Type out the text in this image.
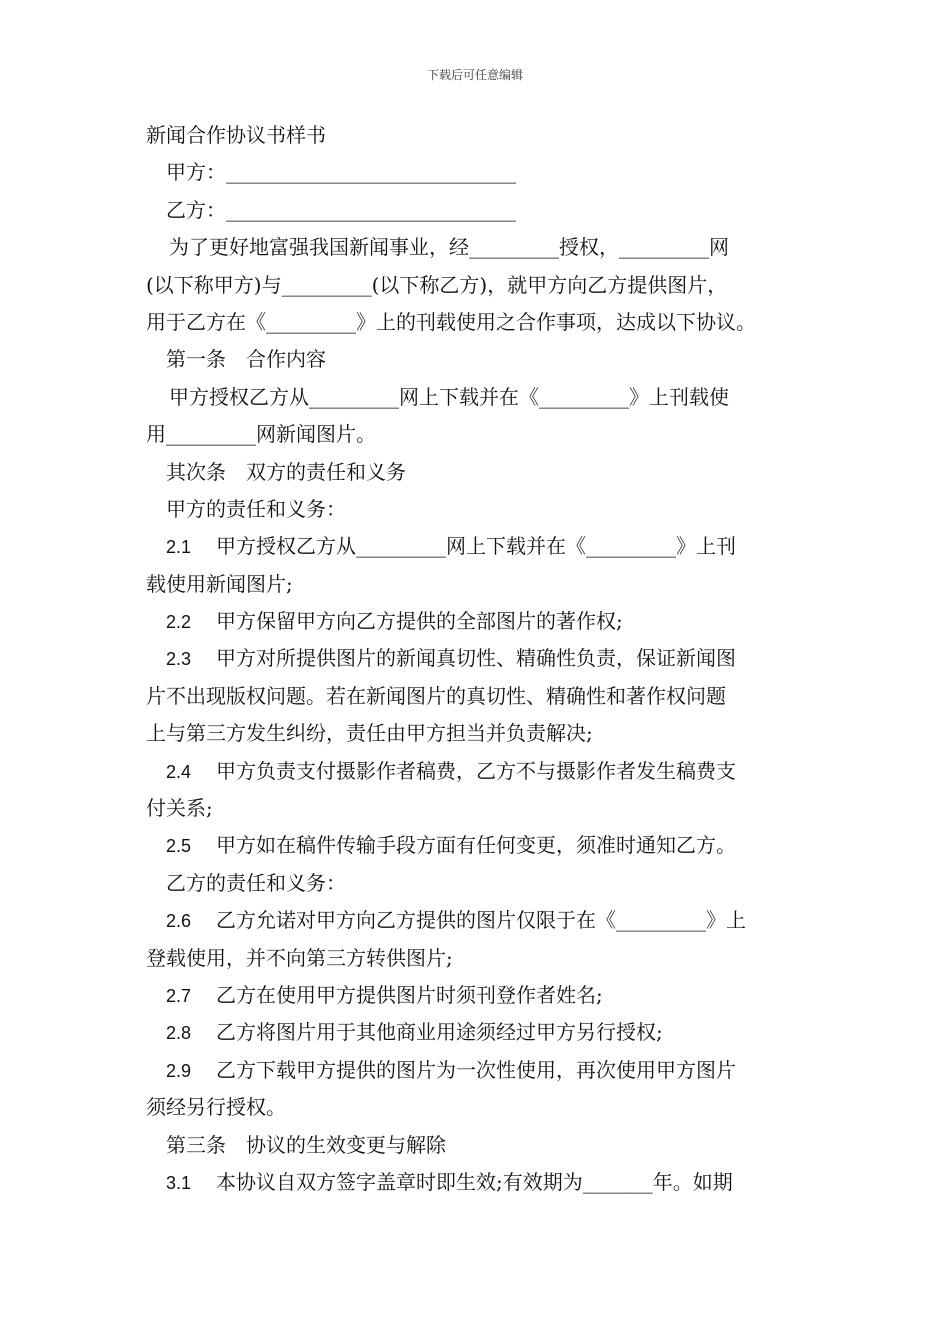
下载后可任意编辑
新闻合作协议书样书
甲方：_____________________________
乙方：_____________________________
为了更好地富强我国新闻事业，经_________授权，_________网
(以下称甲方)与_________(以下称乙方)，就甲方向乙方提供图片，
用于乙方在《_________》上的刊载使用之合作事项，达成以下协议。
第一条　合作内容
甲方授权乙方从_________网上下载并在《_________》上刊载使
用_________网新闻图片。
其次条　双方的责任和义务
甲方的责任和义务：
2.1 甲方授权乙方从_________网上下载并在《_________》上刊
载使用新闻图片;
2.2 甲方保留甲方向乙方提供的全部图片的著作权;
2.3 甲方对所提供图片的新闻真切性、精确性负责，保证新闻图
片不出现版权问题。若在新闻图片的真切性、精确性和著作权问题
上与第三方发生纠纷，责任由甲方担当并负责解决;
2.4 甲方负责支付摄影作者稿费，乙方不与摄影作者发生稿费支
付关系;
2.5 甲方如在稿件传输手段方面有任何变更，须准时通知乙方。
乙方的责任和义务：
2.6 乙方允诺对甲方向乙方提供的图片仅限于在《_________》上
登载使用，并不向第三方转供图片;
2.7 乙方在使用甲方提供图片时须刊登作者姓名;
2.8 乙方将图片用于其他商业用途须经过甲方另行授权;
2.9 乙方下载甲方提供的图片为一次性使用，再次使用甲方图片
须经另行授权。
第三条　协议的生效变更与解除
3.1 本协议自双方签字盖章时即生效;有效期为_______年。如期
